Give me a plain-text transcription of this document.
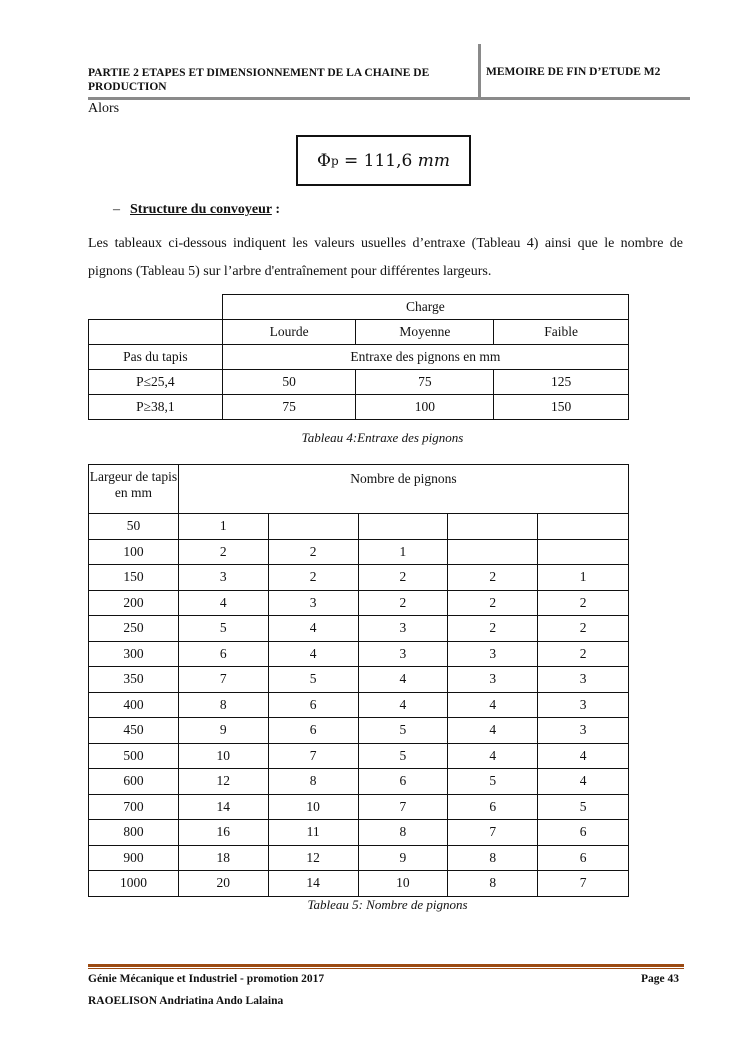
PARTIE 2 ETAPES ET DIMENSIONNEMENT DE LA CHAINE DE PRODUCTION
MEMOIRE DE FIN D’ETUDE M2
Alors
Φ p = 111,6 mm
– Structure du convoyeur :
Les tableaux ci-dessous indiquent les valeurs usuelles d’entraxe (Tableau 4) ainsi que le nombre de pignons (Tableau 5) sur l’arbre d'entraînement pour différentes largeurs.
	Charge		
	Lourde	Moyenne	Faible
Pas du tapis	Entraxe des pignons en mm		
P≤25,4	50	75	125
P≥38,1	75	100	150
Tableau 4:Entraxe des pignons
Largeur de tapis en mm	Nombre de pignons				
50	1				
100	2	2	1		
150	3	2	2	2	1
200	4	3	2	2	2
250	5	4	3	2	2
300	6	4	3	3	2
350	7	5	4	3	3
400	8	6	4	4	3
450	9	6	5	4	3
500	10	7	5	4	4
600	12	8	6	5	4
700	14	10	7	6	5
800	16	11	8	7	6
900	18	12	9	8	6
1000	20	14	10	8	7
Tableau 5: Nombre de pignons
Génie Mécanique et Industriel - promotion 2017	Page 43
RAOELISON Andriatina Ando Lalaina
